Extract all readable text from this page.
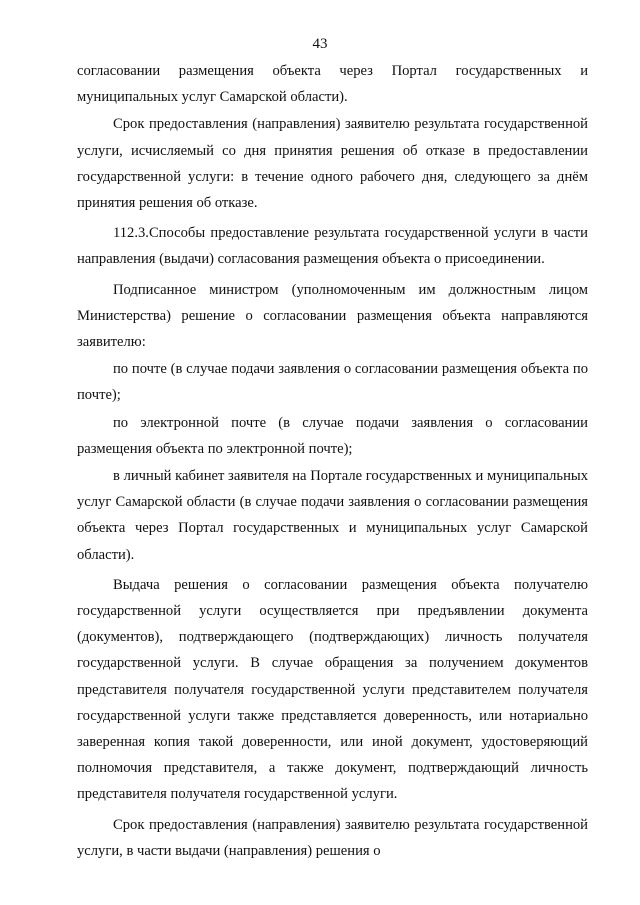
43

согласовании размещения объекта через Портал государственных и муниципальных услуг Самарской области).

Срок предоставления (направления) заявителю результата государственной услуги, исчисляемый со дня принятия решения об отказе в предоставлении государственной услуги: в течение одного рабочего дня, следующего за днём принятия решения об отказе.

112.3.Способы предоставление результата государственной услуги в части направления (выдачи) согласования размещения объекта о присоединении.

Подписанное министром (уполномоченным им должностным лицом Министерства) решение о согласовании размещения объекта направляются заявителю:

по почте (в случае подачи заявления о согласовании размещения объекта по почте);

по электронной почте (в случае подачи заявления о согласовании размещения объекта по электронной почте);

в личный кабинет заявителя на Портале государственных и муниципальных услуг Самарской области (в случае подачи заявления о согласовании размещения объекта через Портал государственных и муниципальных услуг Самарской области).

Выдача решения о согласовании размещения объекта получателю государственной услуги осуществляется при предъявлении документа (документов), подтверждающего (подтверждающих) личность получателя государственной услуги. В случае обращения за получением документов представителя получателя государственной услуги представителем получателя государственной услуги также представляется доверенность, или нотариально заверенная копия такой доверенности, или иной документ, удостоверяющий полномочия представителя, а также документ, подтверждающий личность представителя получателя государственной услуги.

Срок предоставления (направления) заявителю результата государственной услуги, в части выдачи (направления) решения о
